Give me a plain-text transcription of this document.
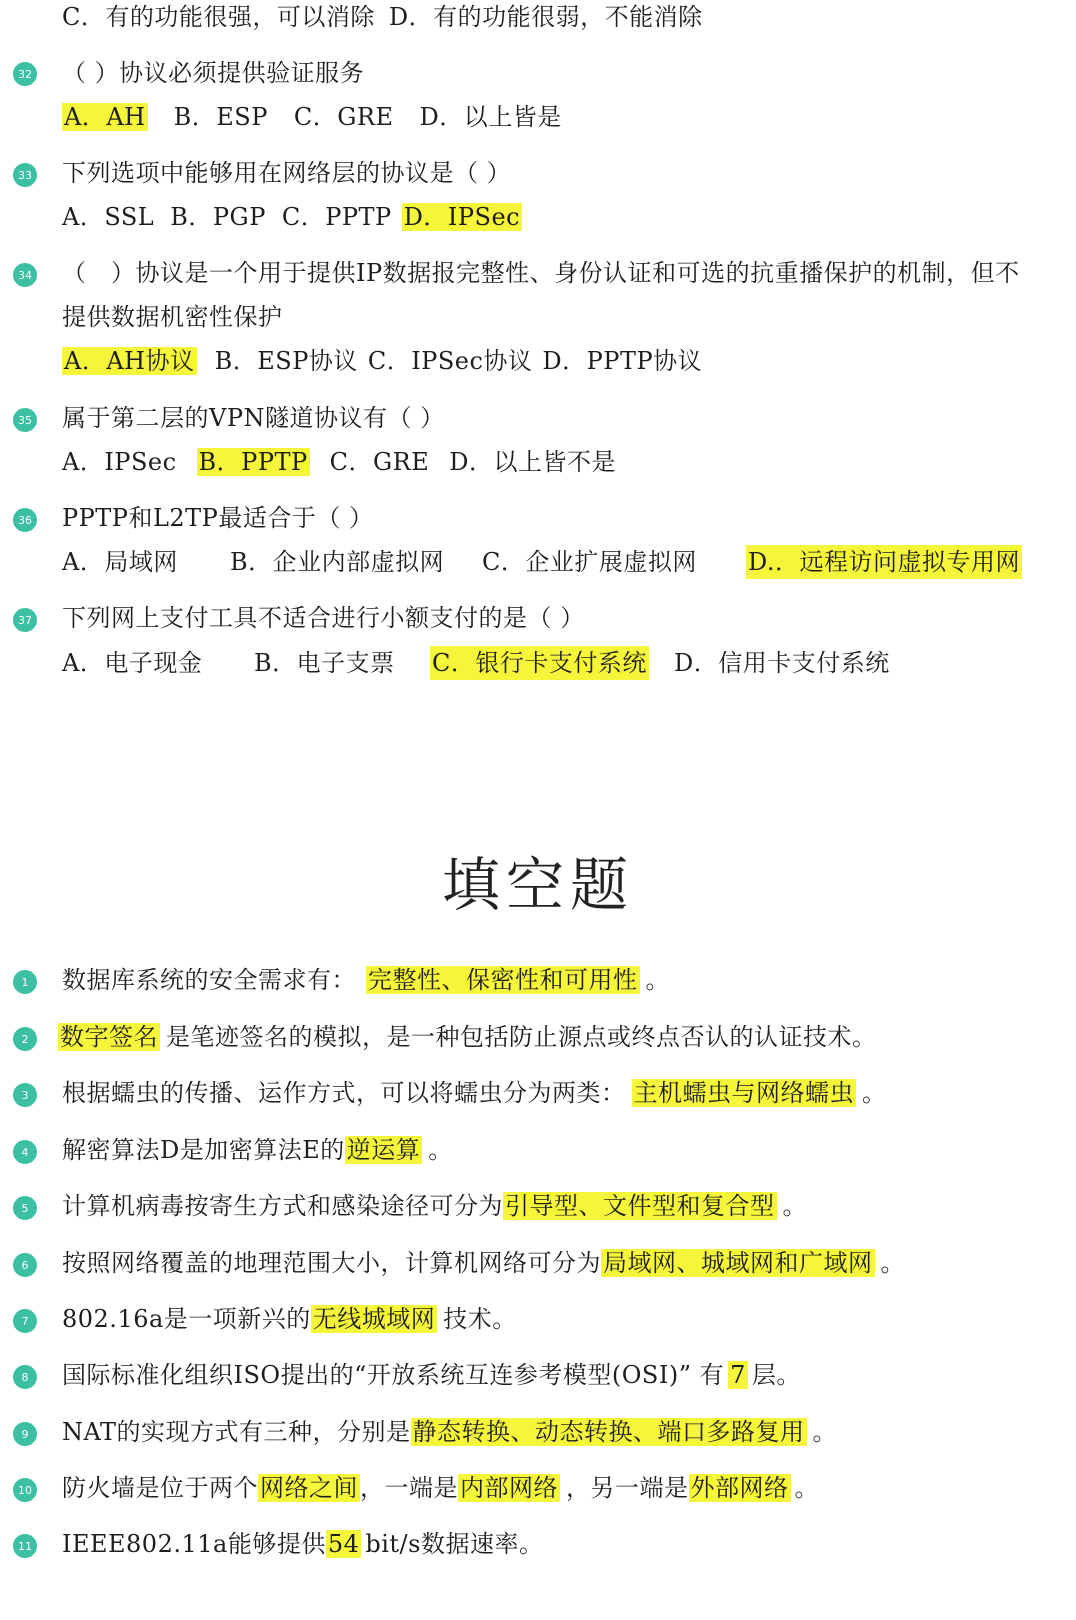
C．有的功能很强，可以消除 D．有的功能很弱，不能消除
32 （ ）协议必须提供验证服务
A．AH B．ESP C．GRE D．以上皆是
33 下列选项中能够用在网络层的协议是（ ）
A．SSL B．PGP C．PPTP D．IPSec
34 （　）协议是一个用于提供IP数据报完整性、身份认证和可选的抗重播保护的机制，但不
提供数据机密性保护
A．AH协议 B．ESP协议 C．IPSec协议 D．PPTP协议
35 属于第二层的VPN隧道协议有（ ）
A．IPSec B．PPTP C．GRE D．以上皆不是
36 PPTP和L2TP最适合于（ ）
A．局域网 B．企业内部虚拟网 C．企业扩展虚拟网 D.．远程访问虚拟专用网
37 下列网上支付工具不适合进行小额支付的是（ ）
A．电子现金 B．电子支票 C．银行卡支付系统 D．信用卡支付系统
填空题
1	数据库系统的安全需求有： 完整性、保密性和可用性 。
2	数字签名 是笔迹签名的模拟，是一种包括防止源点或终点否认的认证技术。
3	根据蠕虫的传播、运作方式，可以将蠕虫分为两类： 主机蠕虫与网络蠕虫 。
4	解密算法D是加密算法E的逆运算 。
5	计算机病毒按寄生方式和感染途径可分为引导型、文件型和复合型 。
6	按照网络覆盖的地理范围大小，计算机网络可分为局域网、城域网和广域网 。
7	802.16a是一项新兴的无线城域网 技术。
8	国际标准化组织ISO提出的“开放系统互连参考模型(OSI)” 有 7 层。
9	NAT的实现方式有三种，分别是静态转换、动态转换、端口多路复用 。
10 防火墙是位于两个网络之间，一端是内部网络 ，另一端是外部网络 。
11 IEEE802.11a能够提供54 bit/s数据速率。
